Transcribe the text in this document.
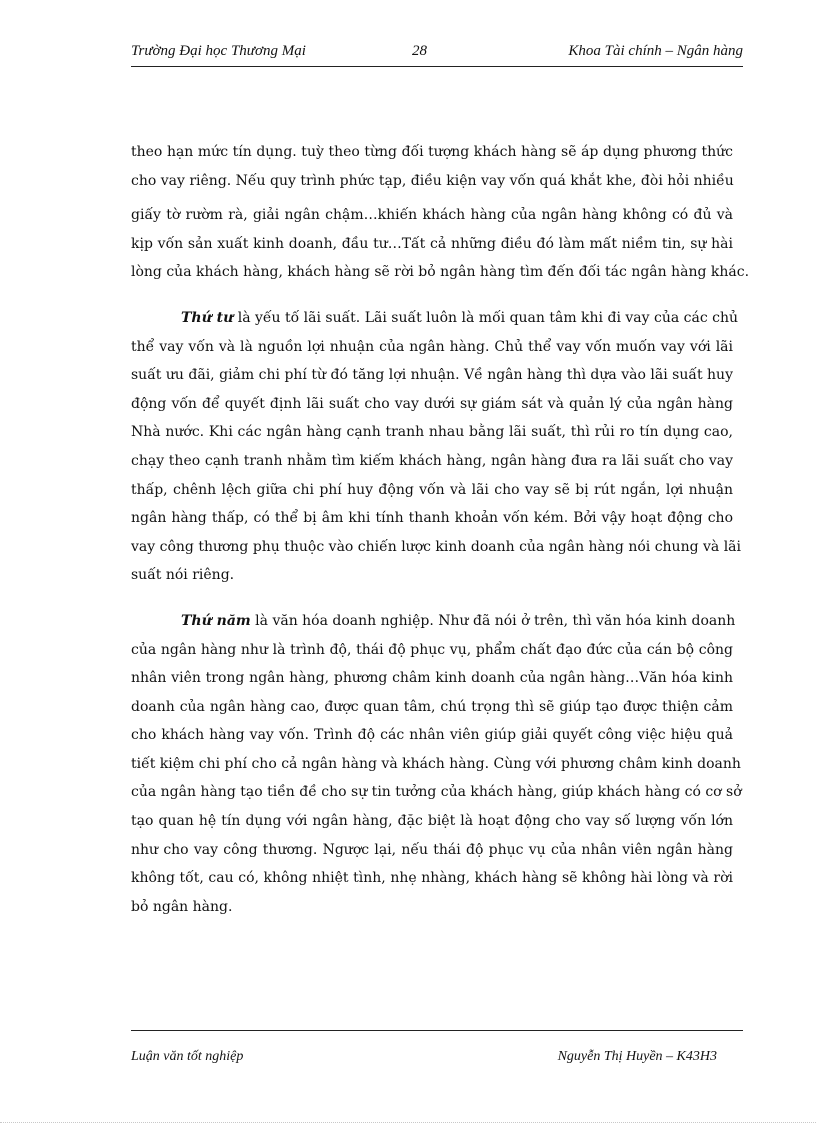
Trường Đại học Thương Mại	28	Khoa Tài chính – Ngân hàng
theo hạn mức tín dụng. tuỳ theo từng đối tượng khách hàng sẽ áp dụng phương thức
cho vay riêng. Nếu quy trình phức tạp, điều kiện vay vốn quá khắt khe, đòi hỏi nhiều
giấy tờ rườm rà, giải ngân chậm…khiến khách hàng của ngân hàng không có đủ và
kịp vốn sản xuất kinh doanh, đầu tư…Tất cả những điều đó làm mất niềm tin, sự hài
lòng của khách hàng, khách hàng sẽ rời bỏ ngân hàng tìm đến đối tác ngân hàng khác.
Thứ tư là yếu tố lãi suất. Lãi suất luôn là mối quan tâm khi đi vay của các chủ
thể vay vốn và là nguồn lợi nhuận của ngân hàng. Chủ thể vay vốn muốn vay với lãi
suất ưu đãi, giảm chi phí từ đó tăng lợi nhuận. Về ngân hàng thì dựa vào lãi suất huy
động vốn để quyết định lãi suất cho vay dưới sự giám sát và quản lý của ngân hàng
Nhà nước. Khi các ngân hàng cạnh tranh nhau bằng lãi suất, thì rủi ro tín dụng cao,
chạy theo cạnh tranh nhằm tìm kiếm khách hàng, ngân hàng đưa ra lãi suất cho vay
thấp, chênh lệch giữa chi phí huy động vốn và lãi cho vay sẽ bị rút ngắn, lợi nhuận
ngân hàng thấp, có thể bị âm khi tính thanh khoản vốn kém. Bởi vậy hoạt động cho
vay công thương phụ thuộc vào chiến lược kinh doanh của ngân hàng nói chung và lãi
suất nói riêng.
Thứ năm là văn hóa doanh nghiệp. Như đã nói ở trên, thì văn hóa kinh doanh
của ngân hàng như là trình độ, thái độ phục vụ, phẩm chất đạo đức của cán bộ công
nhân viên trong ngân hàng, phương châm kinh doanh của ngân hàng…Văn hóa kinh
doanh của ngân hàng cao, được quan tâm, chú trọng thì sẽ giúp tạo được thiện cảm
cho khách hàng vay vốn. Trình độ các nhân viên giúp giải quyết công việc hiệu quả
tiết kiệm chi phí cho cả ngân hàng và khách hàng. Cùng với phương châm kinh doanh
của ngân hàng tạo tiền đề cho sự tin tưởng của khách hàng, giúp khách hàng có cơ sở
tạo quan hệ tín dụng với ngân hàng, đặc biệt là hoạt động cho vay số lượng vốn lớn
như cho vay công thương. Ngược lại, nếu thái độ phục vụ của nhân viên ngân hàng
không tốt, cau có, không nhiệt tình, nhẹ nhàng, khách hàng sẽ không hài lòng và rời
bỏ ngân hàng.
Luận văn tốt nghiệp	Nguyễn Thị Huyền – K43H3
